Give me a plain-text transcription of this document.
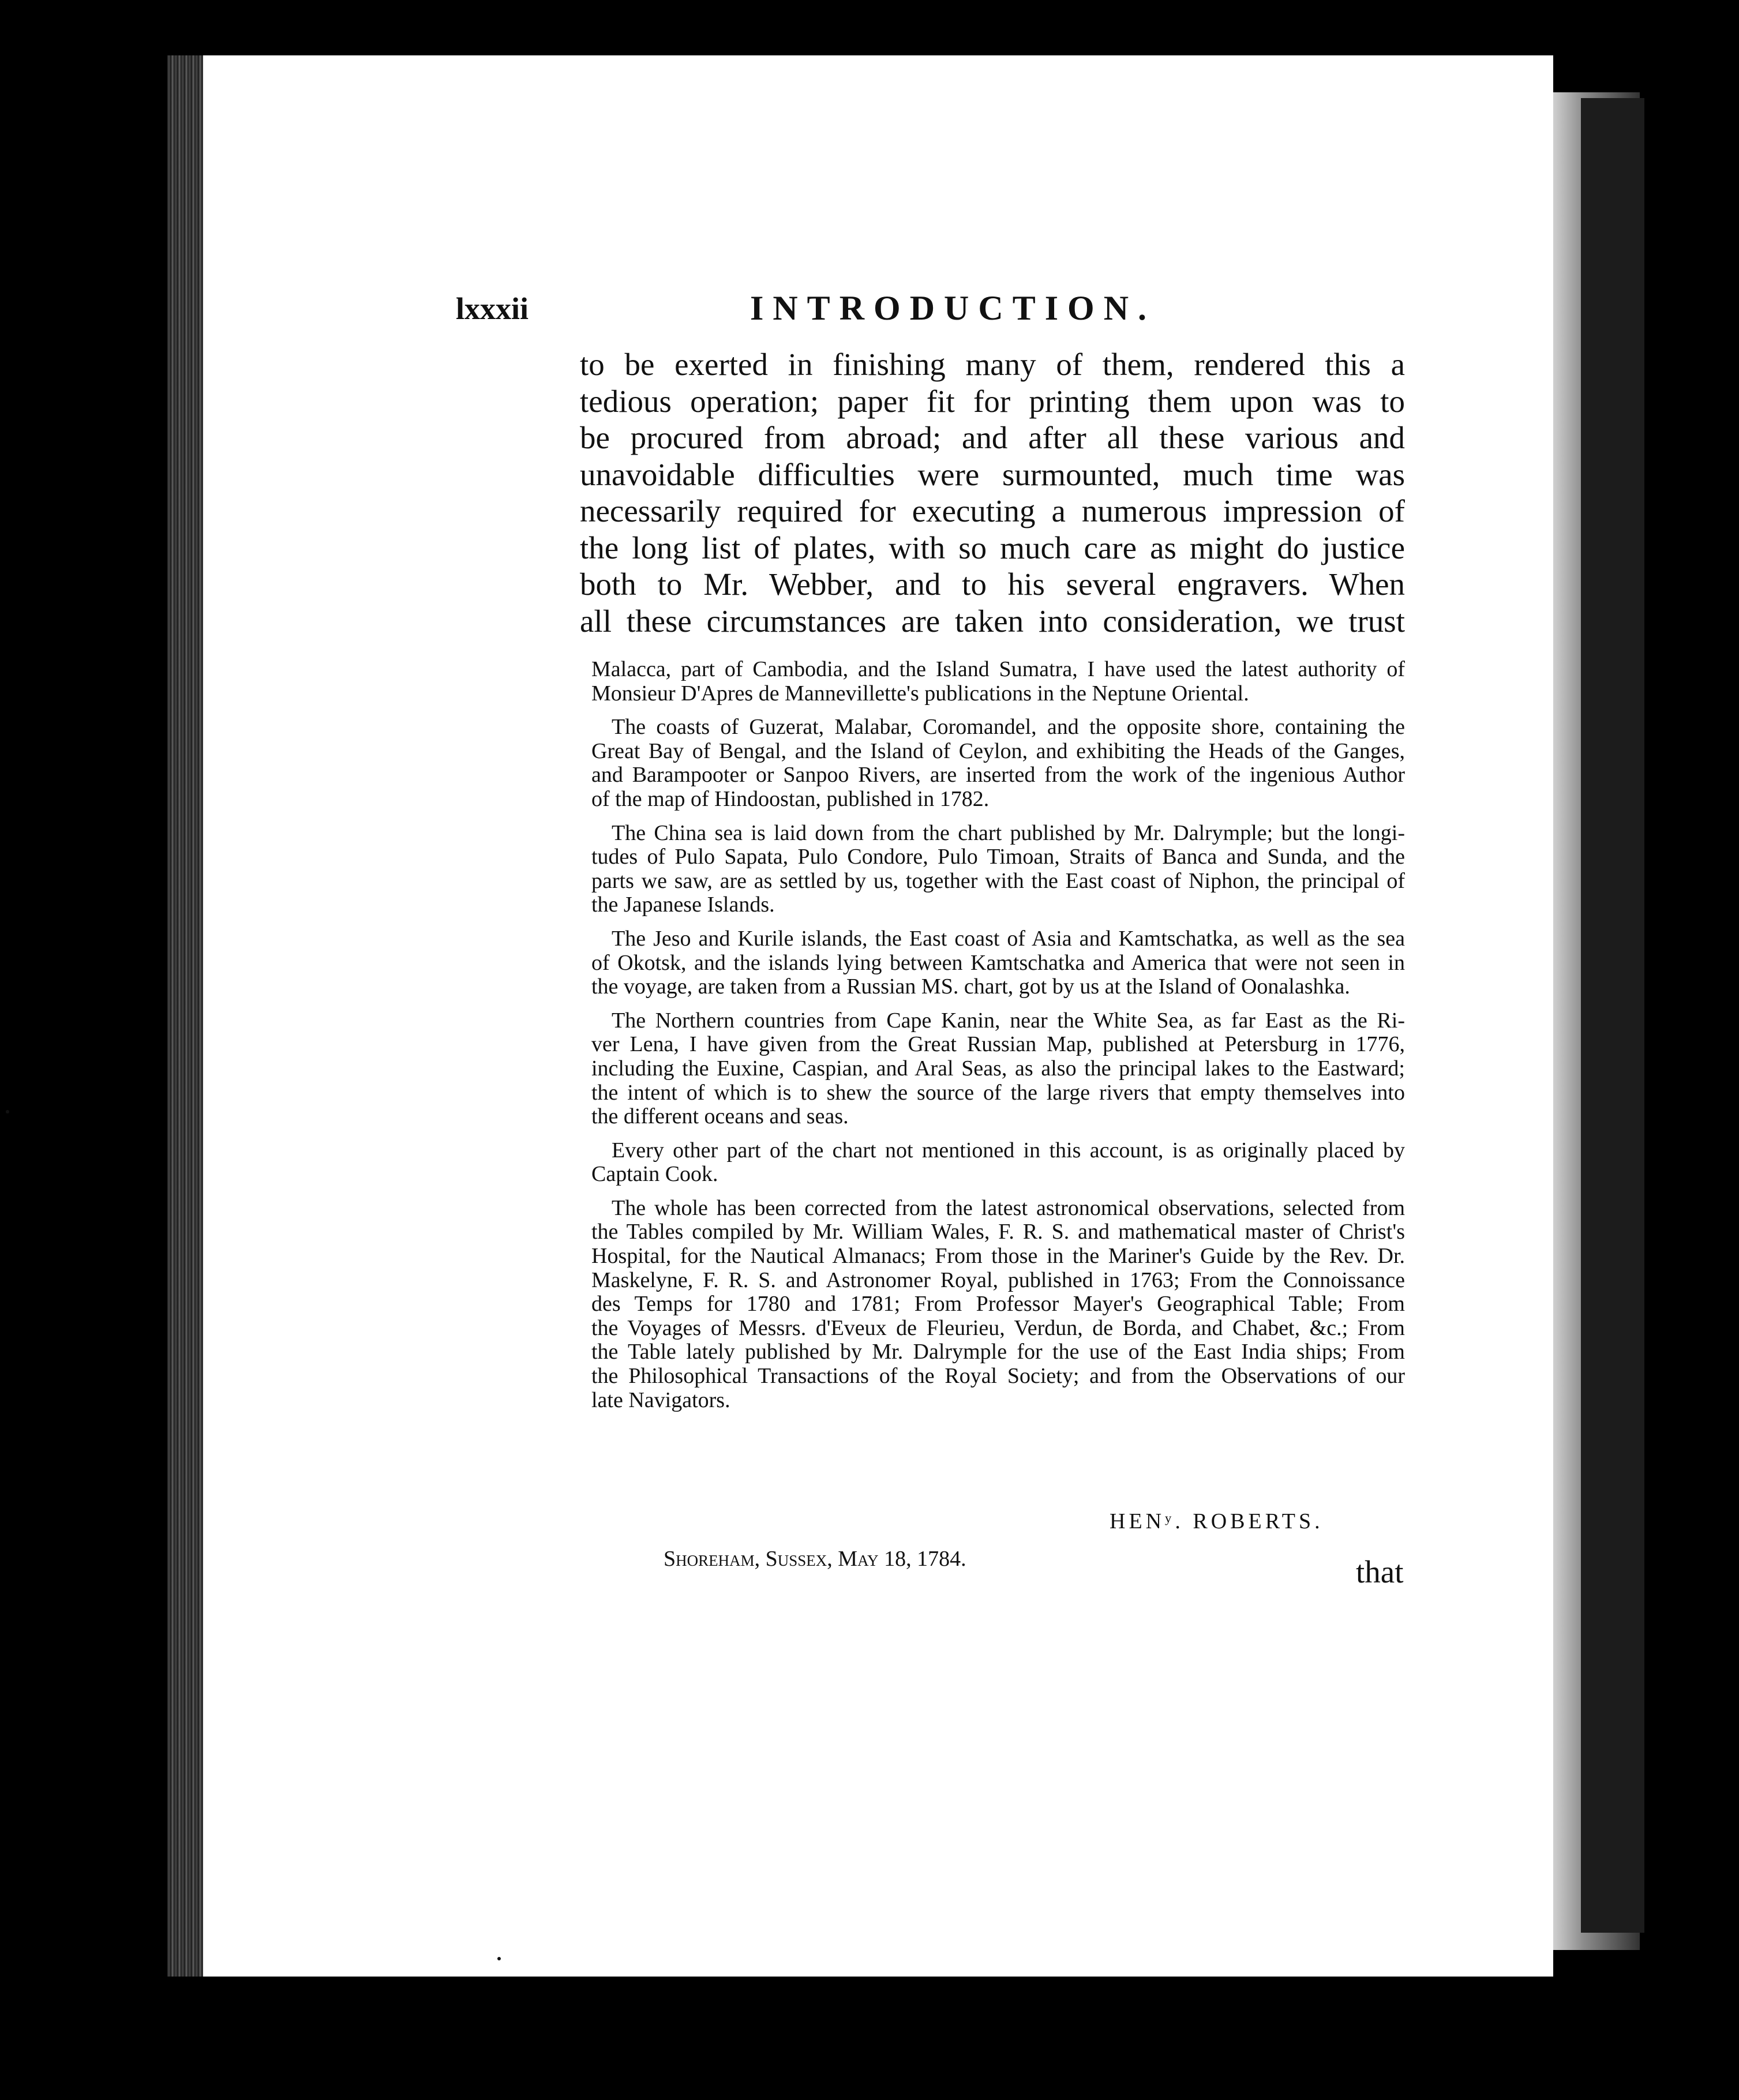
lxxxii	INTRODUCTION.
to be exerted in finishing many of them, rendered this a
tedious operation; paper fit for printing them upon was to
be procured from abroad; and after all these various and
unavoidable difficulties were surmounted, much time was
necessarily required for executing a numerous impression of
the long list of plates, with so much care as might do justice
both to Mr. Webber, and to his several engravers. When
all these circumstances are taken into consideration, we trust
Malacca, part of Cambodia, and the Island Sumatra, I have used the latest authority of
Monsieur D'Apres de Mannevillette's publications in the Neptune Oriental.
The coasts of Guzerat, Malabar, Coromandel, and the opposite shore, containing the
Great Bay of Bengal, and the Island of Ceylon, and exhibiting the Heads of the Ganges,
and Barampooter or Sanpoo Rivers, are inserted from the work of the ingenious Author
of the map of Hindoostan, published in 1782.
The China sea is laid down from the chart published by Mr. Dalrymple; but the longi-
tudes of Pulo Sapata, Pulo Condore, Pulo Timoan, Straits of Banca and Sunda, and the
parts we saw, are as settled by us, together with the East coast of Niphon, the principal of
the Japanese Islands.
The Jeso and Kurile islands, the East coast of Asia and Kamtschatka, as well as the sea
of Okotsk, and the islands lying between Kamtschatka and America that were not seen in
the voyage, are taken from a Russian MS. chart, got by us at the Island of Oonalashka.
The Northern countries from Cape Kanin, near the White Sea, as far East as the Ri-
ver Lena, I have given from the Great Russian Map, published at Petersburg in 1776,
including the Euxine, Caspian, and Aral Seas, as also the principal lakes to the Eastward;
the intent of which is to shew the source of the large rivers that empty themselves into
the different oceans and seas.
Every other part of the chart not mentioned in this account, is as originally placed by
Captain Cook.
The whole has been corrected from the latest astronomical observations, selected from
the Tables compiled by Mr. William Wales, F. R. S. and mathematical master of Christ's
Hospital, for the Nautical Almanacs; From those in the Mariner's Guide by the Rev. Dr.
Maskelyne, F. R. S. and Astronomer Royal, published in 1763; From the Connoissance
des Temps for 1780 and 1781; From Professor Mayer's Geographical Table; From
the Voyages of Messrs. d'Eveux de Fleurieu, Verdun, de Borda, and Chabet, &c.; From
the Table lately published by Mr. Dalrymple for the use of the East India ships; From
the Philosophical Transactions of the Royal Society; and from the Observations of our
late Navigators.
HENʸ. ROBERTS.
Shoreham, Sussex, May 18, 1784.	that
